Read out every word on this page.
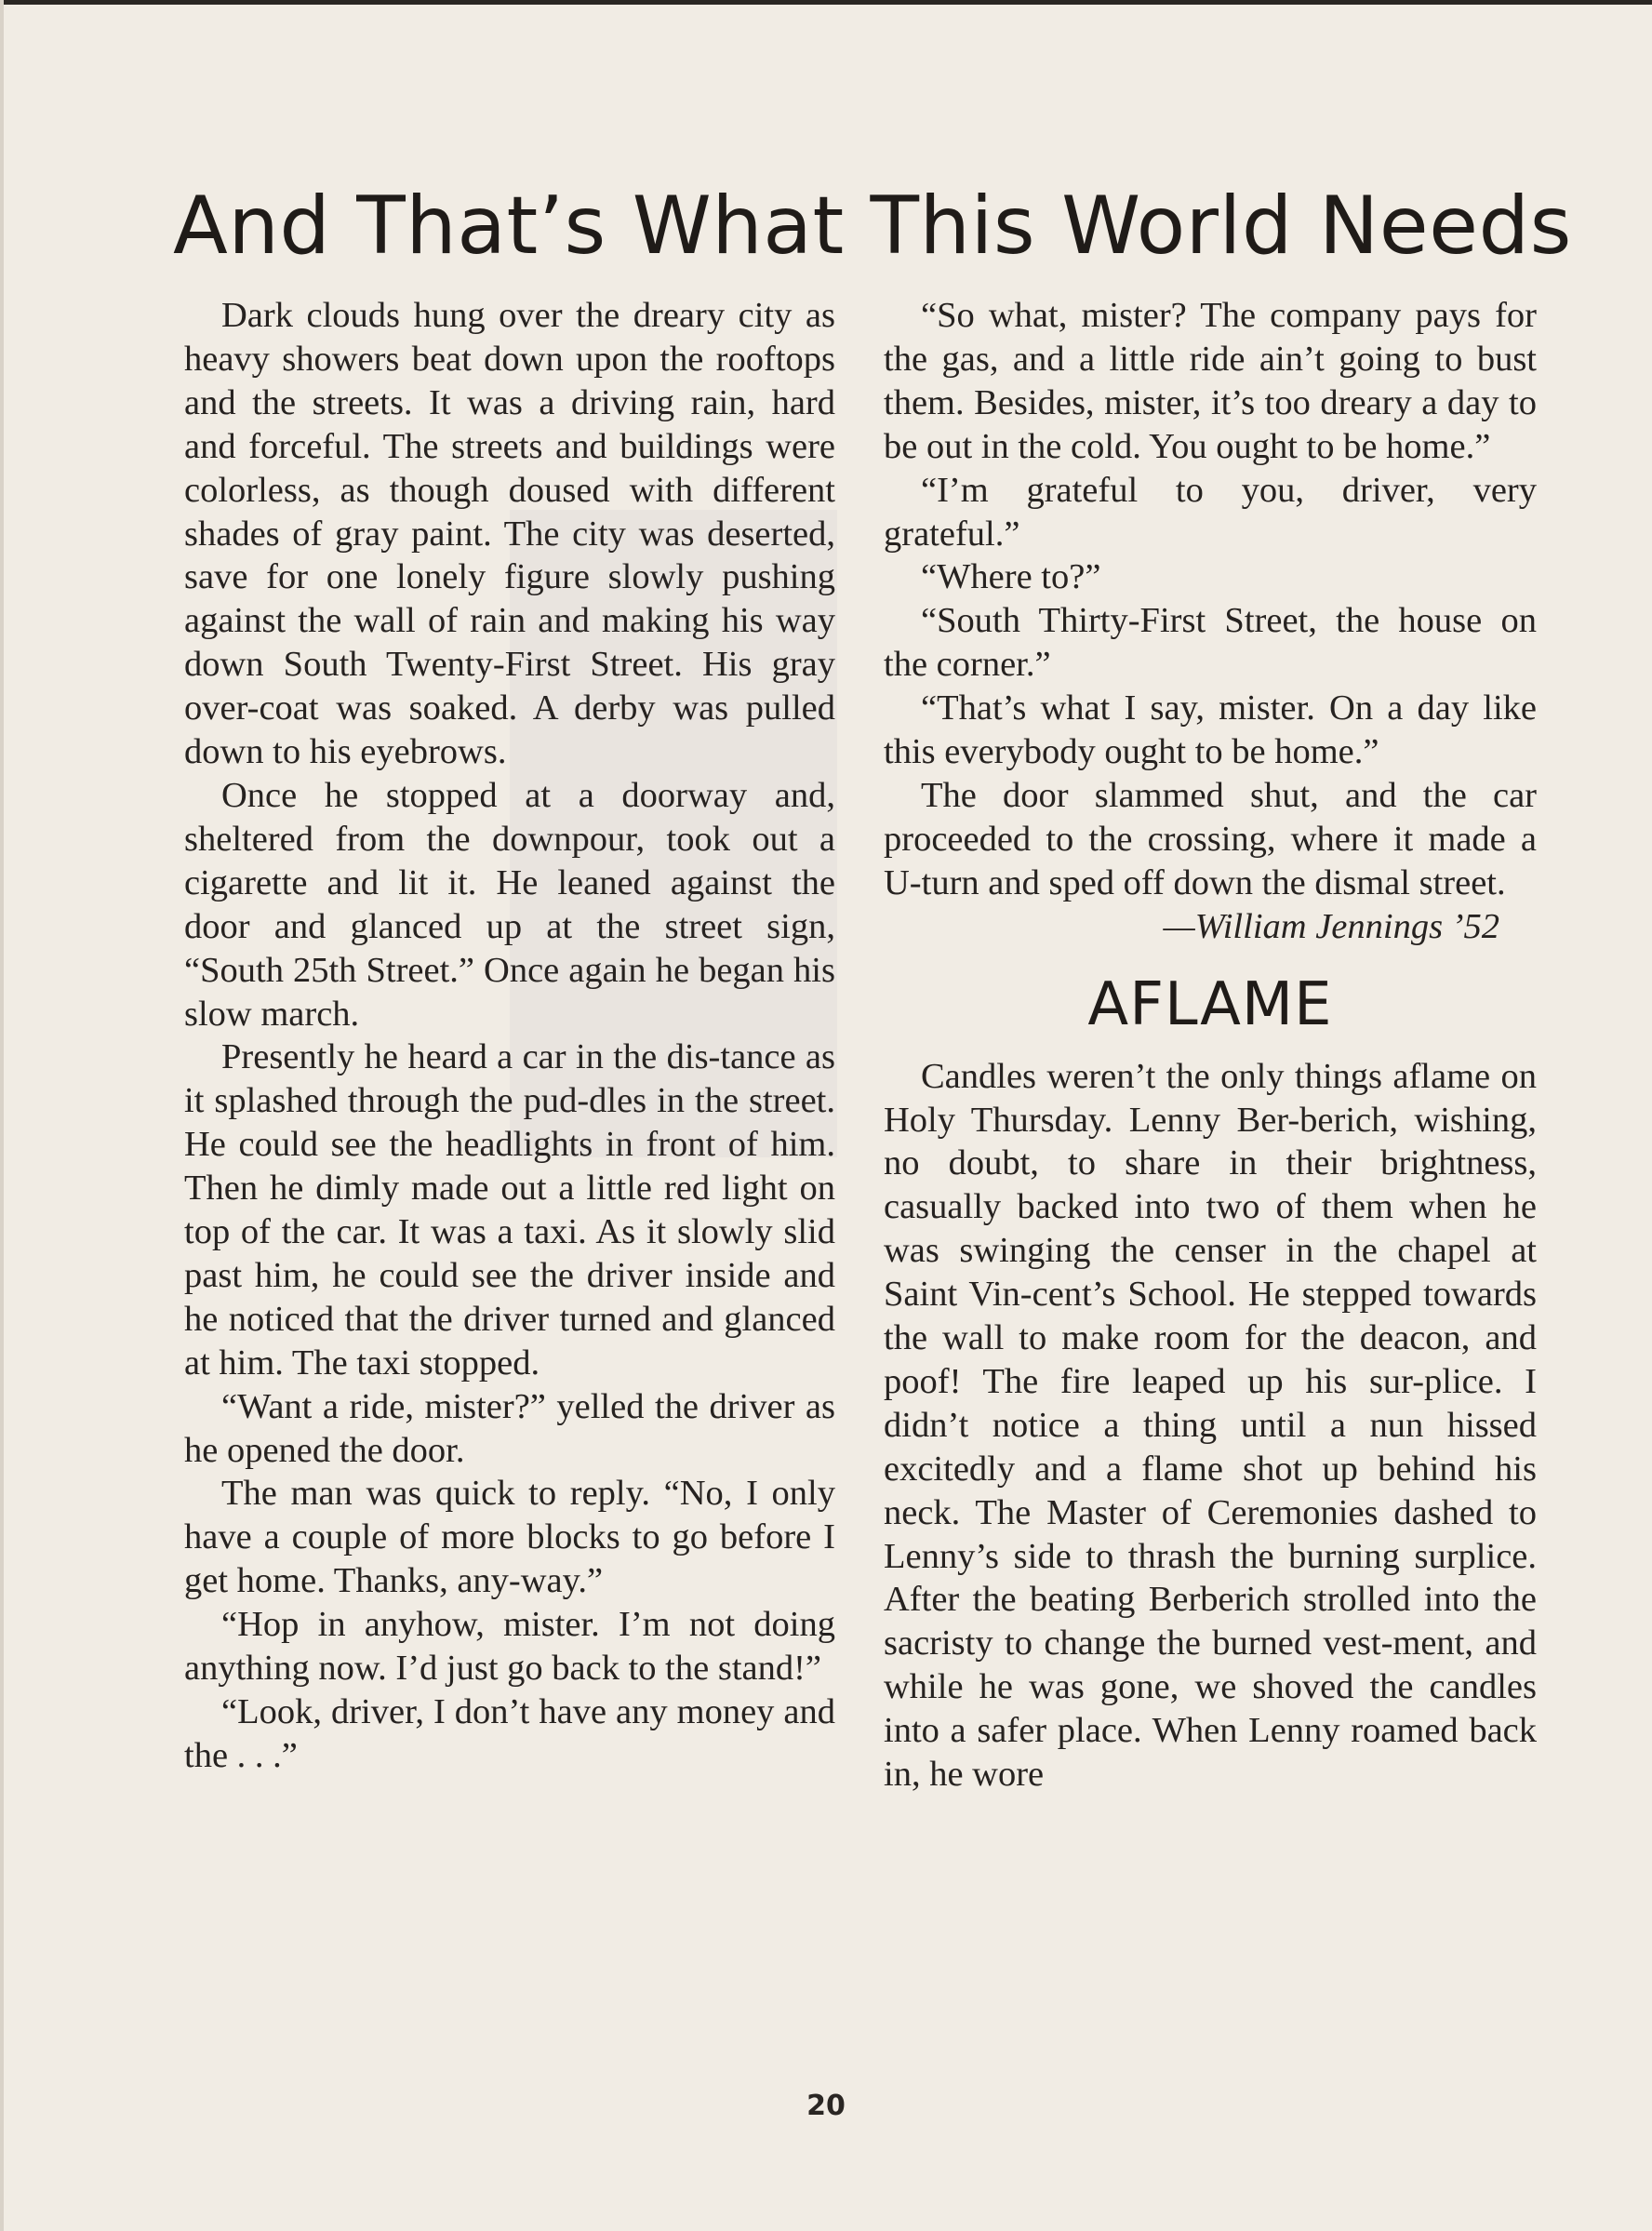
And That’s What This World Needs

Dark clouds hung over the dreary city as heavy showers beat down upon the rooftops and the streets. It was a driving rain, hard and forceful. The streets and buildings were colorless, as though doused with different shades of gray paint. The city was deserted, save for one lonely figure slowly pushing against the wall of rain and making his way down South Twenty-First Street. His gray over-coat was soaked. A derby was pulled down to his eyebrows.

Once he stopped at a doorway and, sheltered from the downpour, took out a cigarette and lit it. He leaned against the door and glanced up at the street sign, “South 25th Street.” Once again he began his slow march.

Presently he heard a car in the dis-tance as it splashed through the pud-dles in the street. He could see the headlights in front of him. Then he dimly made out a little red light on top of the car. It was a taxi. As it slowly slid past him, he could see the driver inside and he noticed that the driver turned and glanced at him. The taxi stopped.

“Want a ride, mister?” yelled the driver as he opened the door.

The man was quick to reply. “No, I only have a couple of more blocks to go before I get home. Thanks, any-way.”

“Hop in anyhow, mister. I’m not doing anything now. I’d just go back to the stand!”

“Look, driver, I don’t have any money and the . . .”

“So what, mister? The company pays for the gas, and a little ride ain’t going to bust them. Besides, mister, it’s too dreary a day to be out in the cold. You ought to be home.”

“I’m grateful to you, driver, very grateful.”

“Where to?”

“South Thirty-First Street, the house on the corner.”

“That’s what I say, mister. On a day like this everybody ought to be home.”

The door slammed shut, and the car proceeded to the crossing, where it made a U-turn and sped off down the dismal street.

—William Jennings ’52

AFLAME

Candles weren’t the only things aflame on Holy Thursday. Lenny Ber-berich, wishing, no doubt, to share in their brightness, casually backed into two of them when he was swinging the censer in the chapel at Saint Vin-cent’s School. He stepped towards the wall to make room for the deacon, and poof! The fire leaped up his sur-plice. I didn’t notice a thing until a nun hissed excitedly and a flame shot up behind his neck. The Master of Ceremonies dashed to Lenny’s side to thrash the burning surplice. After the beating Berberich strolled into the sacristy to change the burned vest-ment, and while he was gone, we shoved the candles into a safer place. When Lenny roamed back in, he wore

20
